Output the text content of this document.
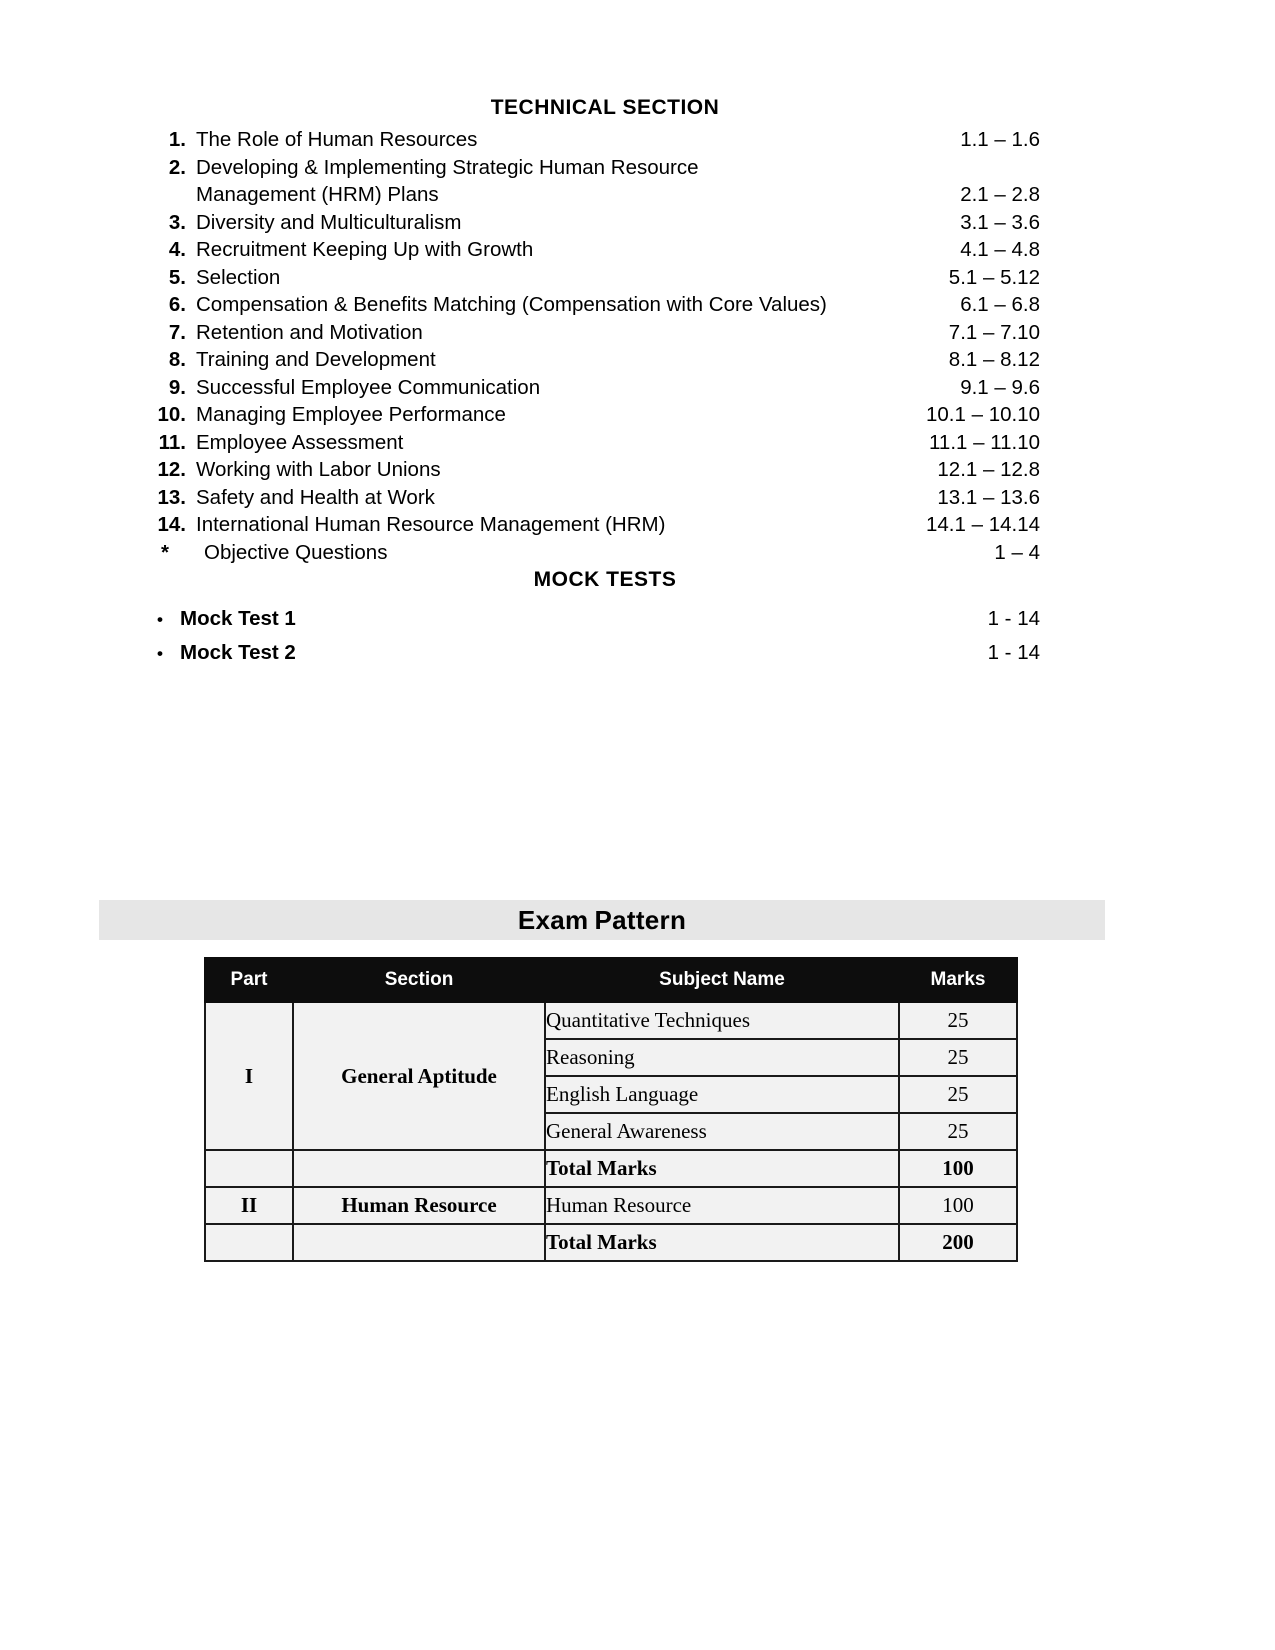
TECHNICAL SECTION
1. The Role of Human Resources	1.1 – 1.6
2. Developing & Implementing Strategic Human Resource
Management (HRM) Plans	2.1 – 2.8
3. Diversity and Multiculturalism	3.1 – 3.6
4. Recruitment Keeping Up with Growth	4.1 – 4.8
5. Selection	5.1 – 5.12
6. Compensation & Benefits Matching (Compensation with Core Values)	6.1 – 6.8
7. Retention and Motivation	7.1 – 7.10
8. Training and Development	8.1 – 8.12
9. Successful Employee Communication	9.1 – 9.6
10. Managing Employee Performance	10.1 – 10.10
11. Employee Assessment	11.1 – 11.10
12. Working with Labor Unions	12.1 – 12.8
13. Safety and Health at Work	13.1 – 13.6
14. International Human Resource Management (HRM)	14.1 – 14.14
*	Objective Questions	1 – 4
MOCK TESTS
• Mock Test 1	1 - 14
• Mock Test 2	1 - 14
Exam Pattern
Part	Section	Subject Name	Marks
I	General Aptitude	Quantitative Techniques	25
		Reasoning	25
		English Language	25
		General Awareness	25
		Total Marks	100
II	Human Resource	Human Resource	100
		Total Marks	200
